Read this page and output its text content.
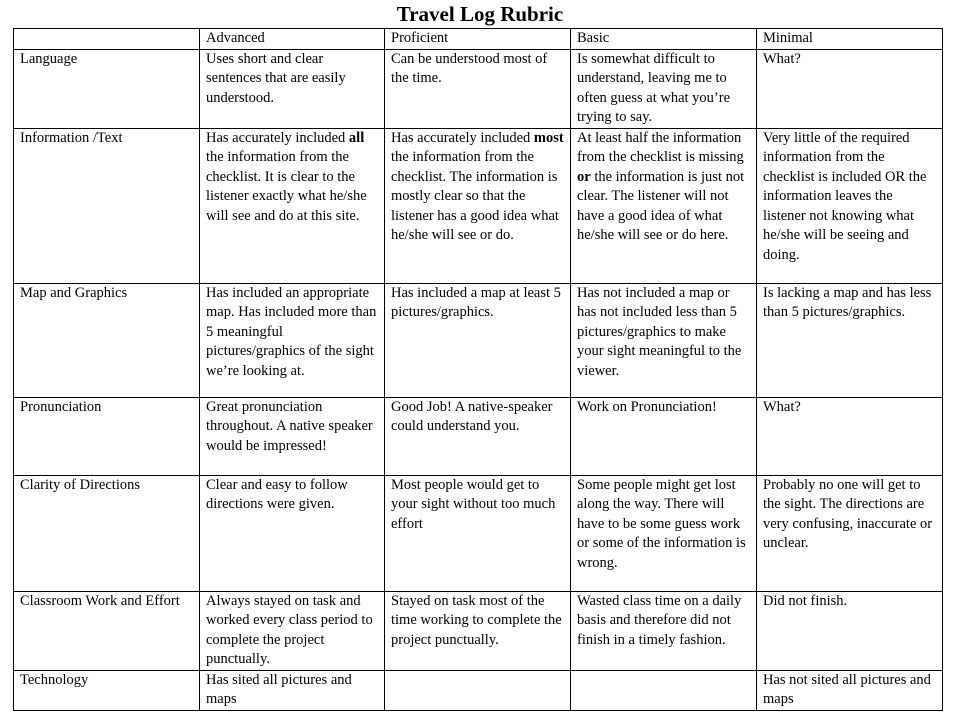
Travel Log Rubric
	Advanced	Proficient	Basic	Minimal
Language	Uses short and clear sentences that are easily understood.	Can be understood most of the time.	Is somewhat difficult to understand, leaving me to often guess at what you’re trying to say.	What?
Information /Text	Has accurately included all the information from the checklist. It is clear to the listener exactly what he/she will see and do at this site.	Has accurately included most the information from the checklist. The information is mostly clear so that the listener has a good idea what he/she will see or do.	At least half the information from the checklist is missing or the information is just not clear. The listener will not have a good idea of what he/she will see or do here.	Very little of the required information from the checklist is included OR the information leaves the listener not knowing what he/she will be seeing and doing.
Map and Graphics	Has included an appropriate map. Has included more than 5 meaningful pictures/graphics of the sight we’re looking at.	Has included a map at least 5 pictures/graphics.	Has not included a map or has not included less than 5 pictures/graphics to make your sight meaningful to the viewer.	Is lacking a map and has less than 5 pictures/graphics.
Pronunciation	Great pronunciation throughout. A native speaker would be impressed!	Good Job! A native-speaker could understand you.	Work on Pronunciation!	What?
Clarity of Directions	Clear and easy to follow directions were given.	Most people would get to your sight without too much effort	Some people might get lost along the way. There will have to be some guess work or some of the information is wrong.	Probably no one will get to the sight. The directions are very confusing, inaccurate or unclear.
Classroom Work and Effort	Always stayed on task and worked every class period to complete the project punctually.	Stayed on task most of the time working to complete the project punctually.	Wasted class time on a daily basis and therefore did not finish in a timely fashion.	Did not finish.
Technology	Has sited all pictures and maps			Has not sited all pictures and maps
